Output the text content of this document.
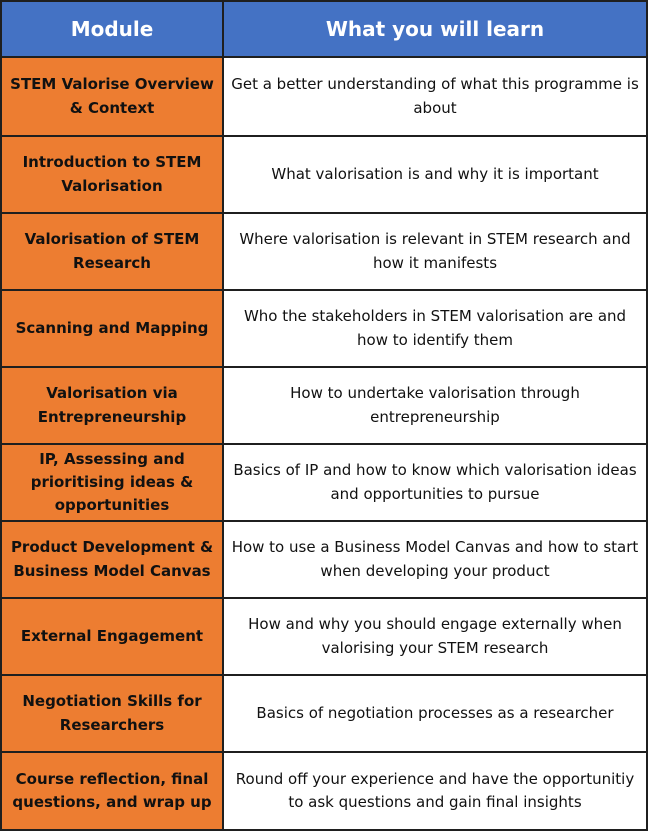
Module	What you will learn
STEM Valorise Overview & Context	Get a better understanding of what this programme is about
Introduction to STEM Valorisation	What valorisation is and why it is important
Valorisation of STEM Research	Where valorisation is relevant in STEM research and how it manifests
Scanning and Mapping	Who the stakeholders in STEM valorisation are and how to identify them
Valorisation via Entrepreneurship	How to undertake valorisation through entrepreneurship
IP, Assessing and prioritising ideas & opportunities	Basics of IP and how to know which valorisation ideas and opportunities to pursue
Product Development & Business Model Canvas	How to use a Business Model Canvas and how to start when developing your product
External Engagement	How and why you should engage externally when valorising your STEM research
Negotiation Skills for Researchers	Basics of negotiation processes as a researcher
Course reflection, final questions, and wrap up	Round off your experience and have the opportunitiy to ask questions and gain final insights
